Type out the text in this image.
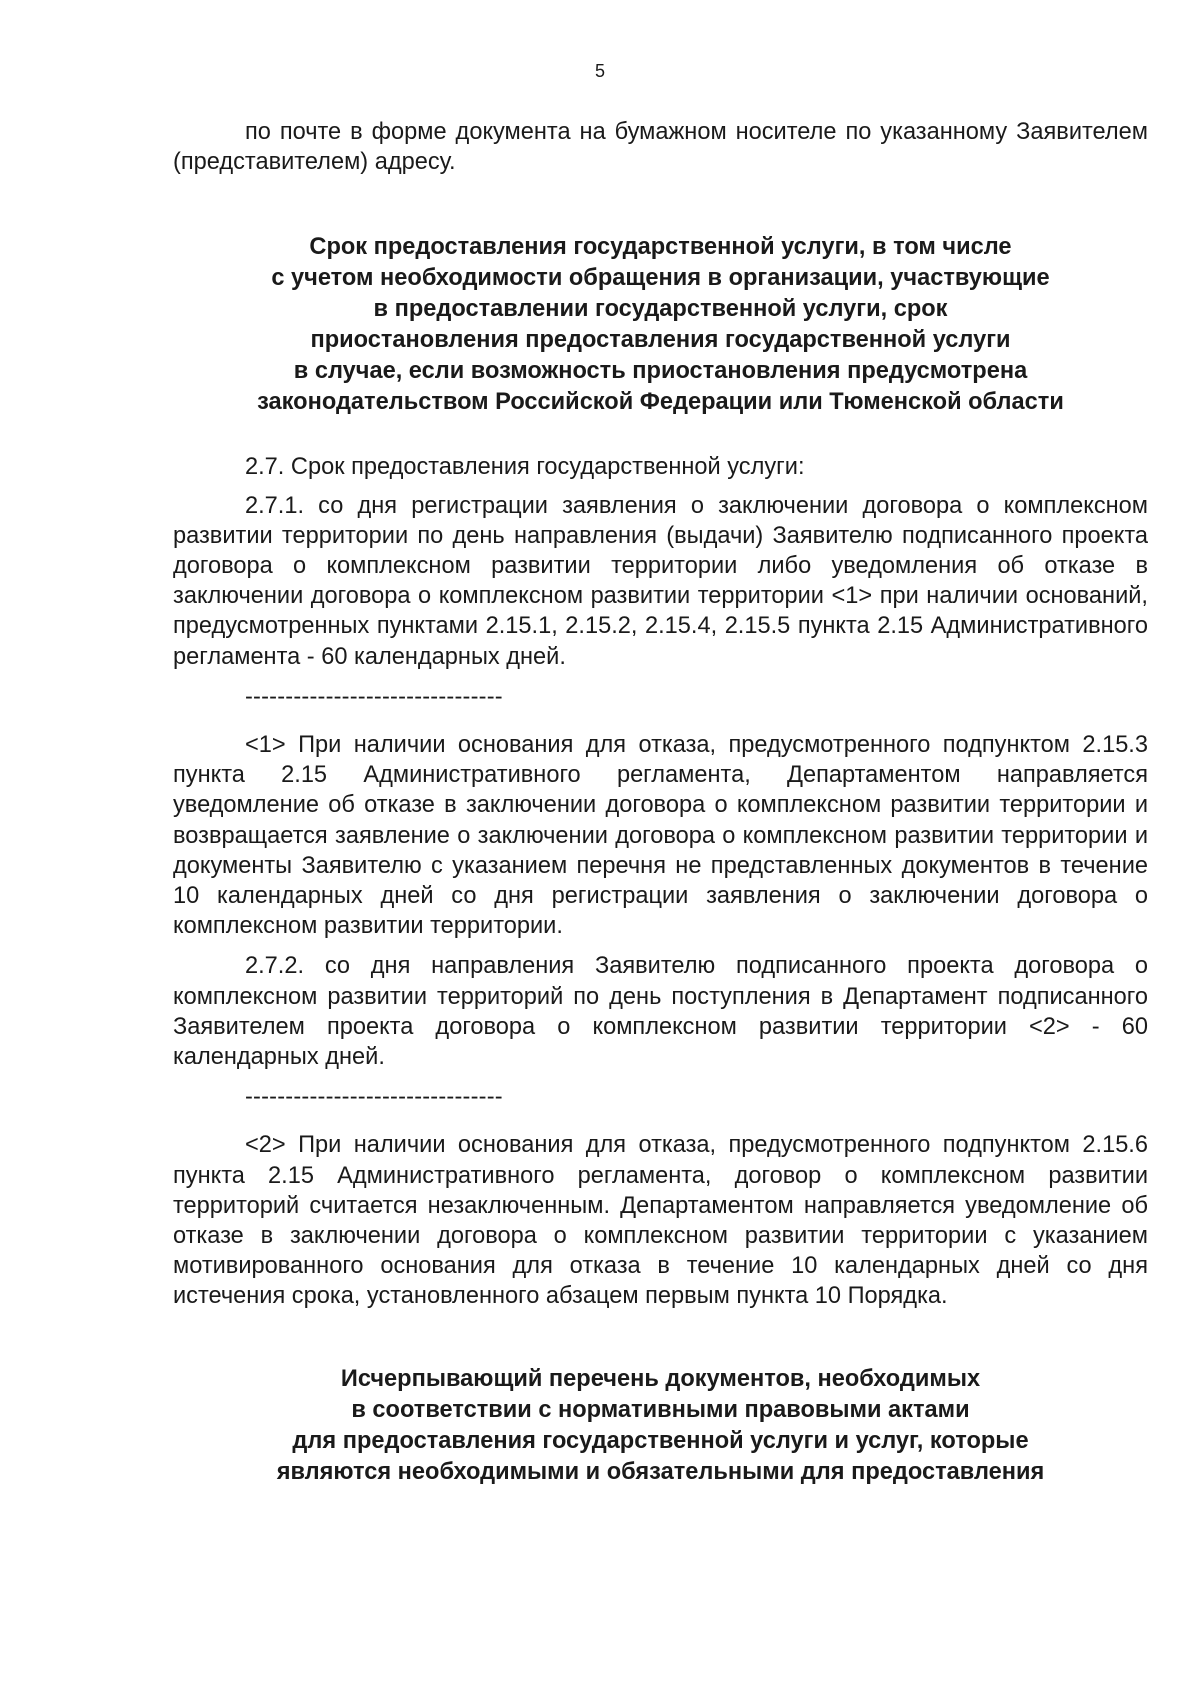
5

по почте в форме документа на бумажном носителе по указанному Заявителем (представителем) адресу.

Срок предоставления государственной услуги, в том числе
с учетом необходимости обращения в организации, участвующие
в предоставлении государственной услуги, срок
приостановления предоставления государственной услуги
в случае, если возможность приостановления предусмотрена
законодательством Российской Федерации или Тюменской области

2.7. Срок предоставления государственной услуги:

2.7.1. со дня регистрации заявления о заключении договора о комплексном развитии территории по день направления (выдачи) Заявителю подписанного проекта договора о комплексном развитии территории либо уведомления об отказе в заключении договора о комплексном развитии территории <1> при наличии оснований, предусмотренных пунктами 2.15.1, 2.15.2, 2.15.4, 2.15.5 пункта 2.15 Административного регламента - 60 календарных дней.

--------------------------------

<1> При наличии основания для отказа, предусмотренного подпунктом 2.15.3 пункта 2.15 Административного регламента, Департаментом направляется уведомление об отказе в заключении договора о комплексном развитии территории и возвращается заявление о заключении договора о комплексном развитии территории и документы Заявителю с указанием перечня не представленных документов в течение 10 календарных дней со дня регистрации заявления о заключении договора о комплексном развитии территории.

2.7.2. со дня направления Заявителю подписанного проекта договора о комплексном развитии территорий по день поступления в Департамент подписанного Заявителем проекта договора о комплексном развитии территории <2> - 60 календарных дней.

--------------------------------

<2> При наличии основания для отказа, предусмотренного подпунктом 2.15.6 пункта 2.15 Административного регламента, договор о комплексном развитии территорий считается незаключенным. Департаментом направляется уведомление об отказе в заключении договора о комплексном развитии территории с указанием мотивированного основания для отказа в течение 10 календарных дней со дня истечения срока, установленного абзацем первым пункта 10 Порядка.

Исчерпывающий перечень документов, необходимых
в соответствии с нормативными правовыми актами
для предоставления государственной услуги и услуг, которые
являются необходимыми и обязательными для предоставления
